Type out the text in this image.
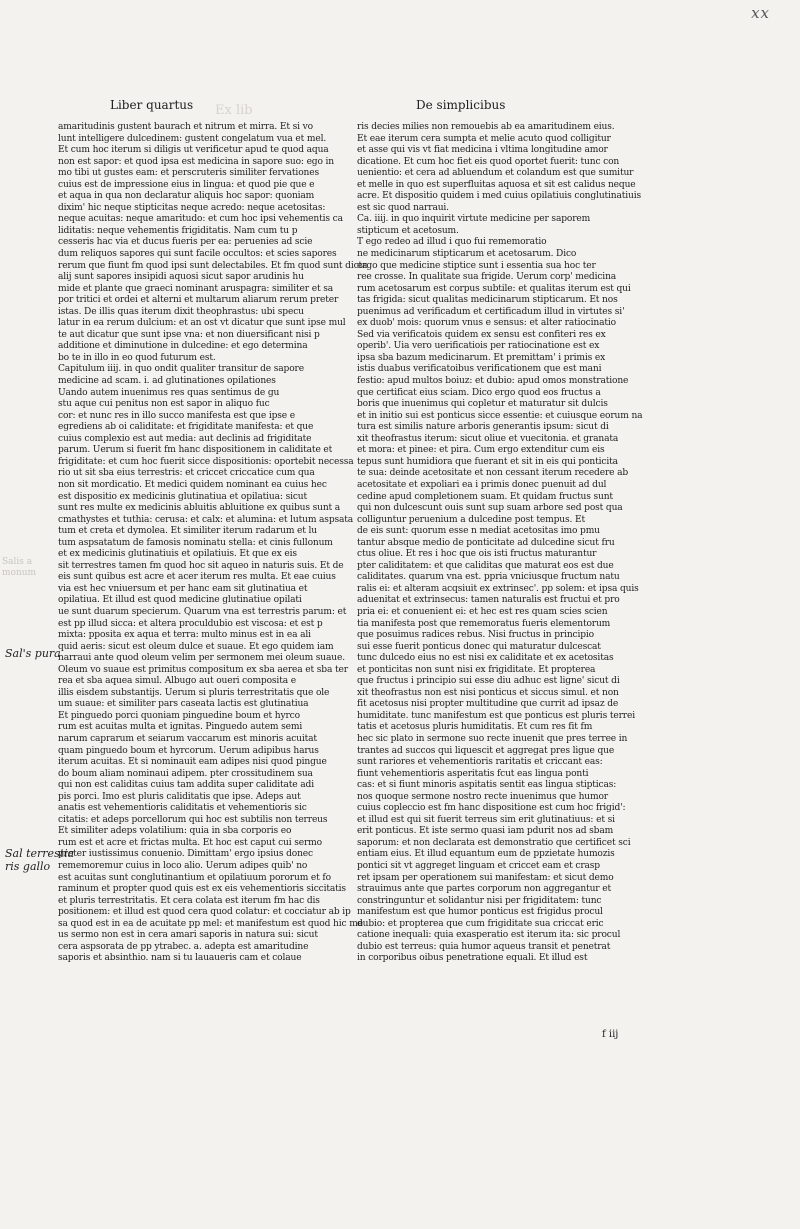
xx
Ex lib
Liber quartus	De simplicibus
Salis a
monum
Sal's pura
Sal terrestia
ris gallo
amaritudinis gustent baurach et nitrum et mirra. Et si vo
lunt intelligere dulcedinem: gustent congelatum vua et mel.
Et cum hoc iterum si diligis ut verificetur apud te quod aqua
non est sapor: et quod ipsa est medicina in sapore suo: ego in
mo tibi ut gustes eam: et perscruteris similiter fervationes
cuius est de impressione eius in lingua: et quod pie que e
et aqua in qua non declaratur aliquis hoc sapor: quoniam
dixim' hic neque stipticitas neque acredo: neque acetositas:
neque acuitas: neque amaritudo: et cum hoc ipsi vehementis ca
liditatis: neque vehementis frigiditatis. Nam cum tu p
cesseris hac via et ducus fueris per ea: peruenies ad scie
dum reliquos sapores qui sunt facile occultos: et scies sapores
rerum que fiunt fm quod ipsi sunt delectabiles. Et fm quod sunt dicta
alij sunt sapores insipidi aquosi sicut sapor arudinis hu
mide et plante que graeci nominant aruspagra: similiter et sa
por tritici et ordei et alterni et multarum aliarum rerum preter
istas. De illis quas iterum dixit theophrastus: ubi specu
latur in ea rerum dulcium: et an ost vt dicatur que sunt ipse mul
te aut dicatur que sunt ipse vna: et non diuersificant nisi p
additione et diminutione in dulcedine: et ego determina
bo te in illo in eo quod futurum est.
Capitulum iiij. in quo ondit qualiter transitur de sapore
medicine ad scam. i. ad glutinationes opilationes
Uando autem inuenimus res quas sentimus de gu
stu aque cui penitus non est sapor in aliquo fuc
cor: et nunc res in illo succo manifesta est que ipse e
egrediens ab oi caliditate: et frigiditate manifesta: et que
cuius complexio est aut media: aut declinis ad frigiditate
parum. Uerum si fuerit fm hanc dispositionem in caliditate et
frigiditate: et cum hoc fuerit sicce dispositionis: oportebit necessa
rio ut sit sba eius terrestris: et criccet criccatice cum qua
non sit mordicatio. Et medici quidem nominant ea cuius hec
est dispositio ex medicinis glutinatiua et opilatiua: sicut
sunt res multe ex medicinis abluitis abluitione ex quibus sunt a
cmathystes et tuthia: cerusa: et calx: et alumina: et lutum aspsata
tum et creta et dymolea. Et similiter iterum radarum et lu
tum aspsatatum de famosis nominatu stella: et cinis fullonum
et ex medicinis glutinatiuis et opilatiuis. Et que ex eis
sit terrestres tamen fm quod hoc sit aqueo in naturis suis. Et de
eis sunt quibus est acre et acer iterum res multa. Et eae cuius
via est hec vniuersum et per hanc eam sit glutinatiua et
opilatiua. Et illud est quod medicine glutinatiue opilati
ue sunt duarum specierum. Quarum vna est terrestris parum: et
est pp illud sicca: et altera proculdubio est viscosa: et est p
mixta: pposita ex aqua et terra: multo minus est in ea ali
quid aeris: sicut est oleum dulce et suaue. Et ego quidem iam
narraui ante quod oleum velim per sermonem mei oleum suaue.
Oleum vo suaue est primitus compositum ex sba aerea et sba ter
rea et sba aquea simul. Albugo aut oueri composita e
illis eisdem substantijs. Uerum si pluris terrestritatis que ole
um suaue: et similiter pars caseata lactis est glutinatiua
Et pinguedo porci quoniam pinguedine boum et hyrco
rum est acuitas multa et ignitas. Pinguedo autem semi
narum caprarum et seiarum vaccarum est minoris acuitat
quam pinguedo boum et hyrcorum. Uerum adipibus harus
iterum acuitas. Et si nominauit eam adipes nisi quod pingue
do boum aliam nominaui adipem. pter crossitudinem sua
qui non est caliditas cuius tam addita super caliditate adi
pis porci. Imo est pluris caliditatis que ipse. Adeps aut
anatis est vehementioris caliditatis et vehementioris sic
citatis: et adeps porcellorum qui hoc est subtilis non terreus
Et similiter adeps volatilium: quia in sba corporis eo
rum est et acre et frictas multa. Et hoc est caput cui sermo
preter iustissimus conuenio. Dimittam' ergo ipsius donec
rememoremur cuius in loco alio. Uerum adipes quib' no
est acuitas sunt conglutinantium et opilatiuum pororum et fo
raminum et propter quod quis est ex eis vehementioris siccitatis
et pluris terrestritatis. Et cera colata est iterum fm hac dis
positionem: et illud est quod cera quod colatur: et cocciatur ab ip
sa quod est in ea de acuitate pp mel: et manifestum est quod hic me
us sermo non est in cera amari saporis in natura sui: sicut
cera aspsorata de pp ytrabec. a. adepta est amaritudine
saporis et absinthio. nam si tu lauaueris cam et colaue
ris decies milies non remouebis ab ea amaritudinem eius.
Et eae iterum cera sumpta et melie acuto quod colligitur
et asse qui vis vt fiat medicina i vltima longitudine amor
dicatione. Et cum hoc fiet eis quod oportet fuerit: tunc con
uenientio: et cera ad abluendum et colandum est que sumitur
et melle in quo est superfluitas aquosa et sit est calidus neque
acre. Et dispositio quidem i med cuius opilatiuis conglutinatiuis
est sic quod narraui.
Ca. iiij. in quo inquirit virtute medicine per saporem
stipticum et acetosum.
T ego redeo ad illud i quo fui rememoratio
ne medicinarum stipticarum et acetosarum. Dico
ergo que medicine stiptice sunt i essentia sua hoc ter
ree crosse. In qualitate sua frigide. Uerum corp' medicina
rum acetosarum est corpus subtile: et qualitas iterum est qui
tas frigida: sicut qualitas medicinarum stipticarum. Et nos
puenimus ad verificadum et certificadum illud in virtutes si'
ex duob' mois: quorum vnus e sensus: et alter ratiocinatio
Sed via verificatois quidem ex sensu est confiteri res ex
operib'. Uia vero uerificatiois per ratiocinatione est ex
ipsa sba bazum medicinarum. Et premittam' i primis ex
istis duabus verificatoibus verificationem que est mani
festio: apud multos boiuz: et dubio: apud omos monstratione
que certificat eius sciam. Dico ergo quod eos fructus a
boris que inuenimus qui copletur et maturatur sit dulcis
et in initio sui est ponticus sicce essentie: et cuiusque eorum na
tura est similis nature arboris generantis ipsum: sicut di
xit theofrastus iterum: sicut oliue et vuecitonia. et granata
et mora: et pinee: et pira. Cum ergo extenditur cum eis
tepus sunt humidiora que fuerant et sit in eis qui ponticita
te sua: deinde acetositate et non cessant iterum recedere ab
acetositate et expoliari ea i primis donec puenuit ad dul
cedine apud completionem suam. Et quidam fructus sunt
qui non dulcescunt ouis sunt sup suam arbore sed post qua
colliguntur peruenium a dulcedine post tempus. Et
de eis sunt: quorum esse n mediat acetositas imo pmu
tantur absque medio de ponticitate ad dulcedine sicut fru
ctus oliue. Et res i hoc que ois isti fructus maturantur
pter caliditatem: et que caliditas que maturat eos est due
caliditates. quarum vna est. ppria vniciusque fructum natu
ralis ei: et alteram acqsiuit ex extrinsec'. pp solem: et ipsa quis
aduenitat et extrinsecus: tamen naturalis est fructui et pro
pria ei: et conuenient ei: et hec est res quam scies scien
tia manifesta post que rememoratus fueris elementorum
que posuimus radices rebus. Nisi fructus in principio
sui esse fuerit ponticus donec qui maturatur dulcescat
tunc dulcedo eius no est nisi ex caliditate et ex acetositas
et ponticitas non sunt nisi ex frigiditate. Et propterea
que fructus i principio sui esse diu adhuc est ligne' sicut di
xit theofrastus non est nisi ponticus et siccus simul. et non
fit acetosus nisi propter multitudine que currit ad ipsaz de
humiditate. tunc manifestum est que ponticus est pluris terrei
tatis et acetosus pluris humiditatis. Et cum res fit fm
hec sic plato in sermone suo recte inuenit que pres terree in
trantes ad succos qui liquescit et aggregat pres ligue que
sunt rariores et vehementioris raritatis et criccant eas:
fiunt vehementioris asperitatis fcut eas lingua ponti
cas: et si fiunt minoris aspitatis sentit eas lingua stipticas:
nos quoque sermone nostro recte inuenimus que humor
cuius copleccio est fm hanc dispositione est cum hoc frigid':
et illud est qui sit fuerit terreus sim erit glutinatiuus: et si
erit ponticus. Et iste sermo quasi iam pdurit nos ad sbam
saporum: et non declarata est demonstratio que certificet sci
entiam eius. Et illud equantum eum de ppzietate humozis
pontici sit vt aggreget linguam et criccet eam et crasp
ret ipsam per operationem sui manifestam: et sicut demo
strauimus ante que partes corporum non aggregantur et
constringuntur et solidantur nisi per frigiditatem: tunc
manifestum est que humor ponticus est frigidus procul
dubio: et propterea que cum frigiditate sua criccat eric
catione inequali: quia exasperatio est iterum ita: sic procul
dubio est terreus: quia humor aqueus transit et penetrat
in corporibus oibus penetratione equali. Et illud est
f iij
